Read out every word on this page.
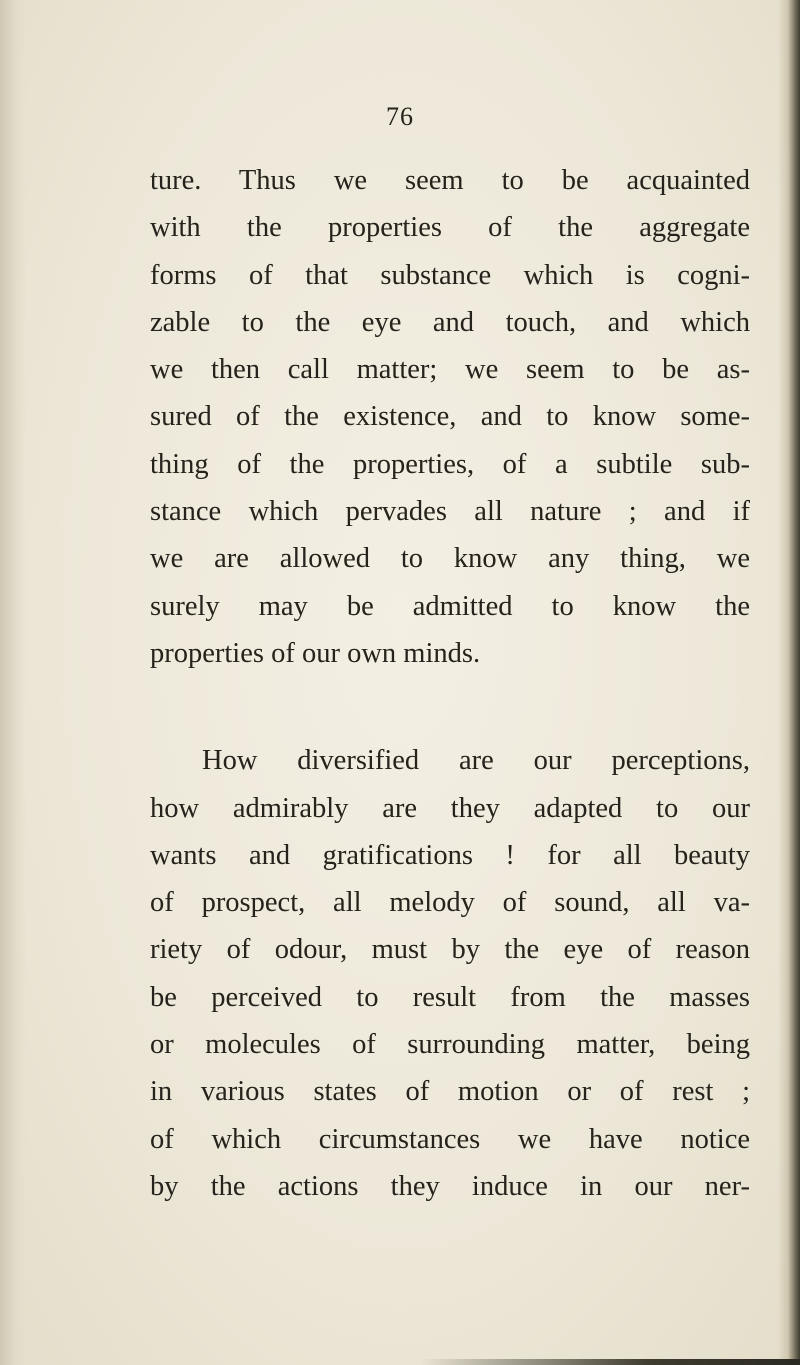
76

ture. Thus we seem to be acquainted
with the properties of the aggregate
forms of that substance which is cogni-
zable to the eye and touch, and which
we then call matter; we seem to be as-
sured of the existence, and to know some-
thing of the properties, of a subtile sub-
stance which pervades all nature ; and if
we are allowed to know any thing, we
surely may be admitted to know the
properties of our own minds.
How diversified are our perceptions,
how admirably are they adapted to our
wants and gratifications ! for all beauty
of prospect, all melody of sound, all va-
riety of odour, must by the eye of reason
be perceived to result from the masses
or molecules of surrounding matter, being
in various states of motion or of rest ;
of which circumstances we have notice
by the actions they induce in our ner-
